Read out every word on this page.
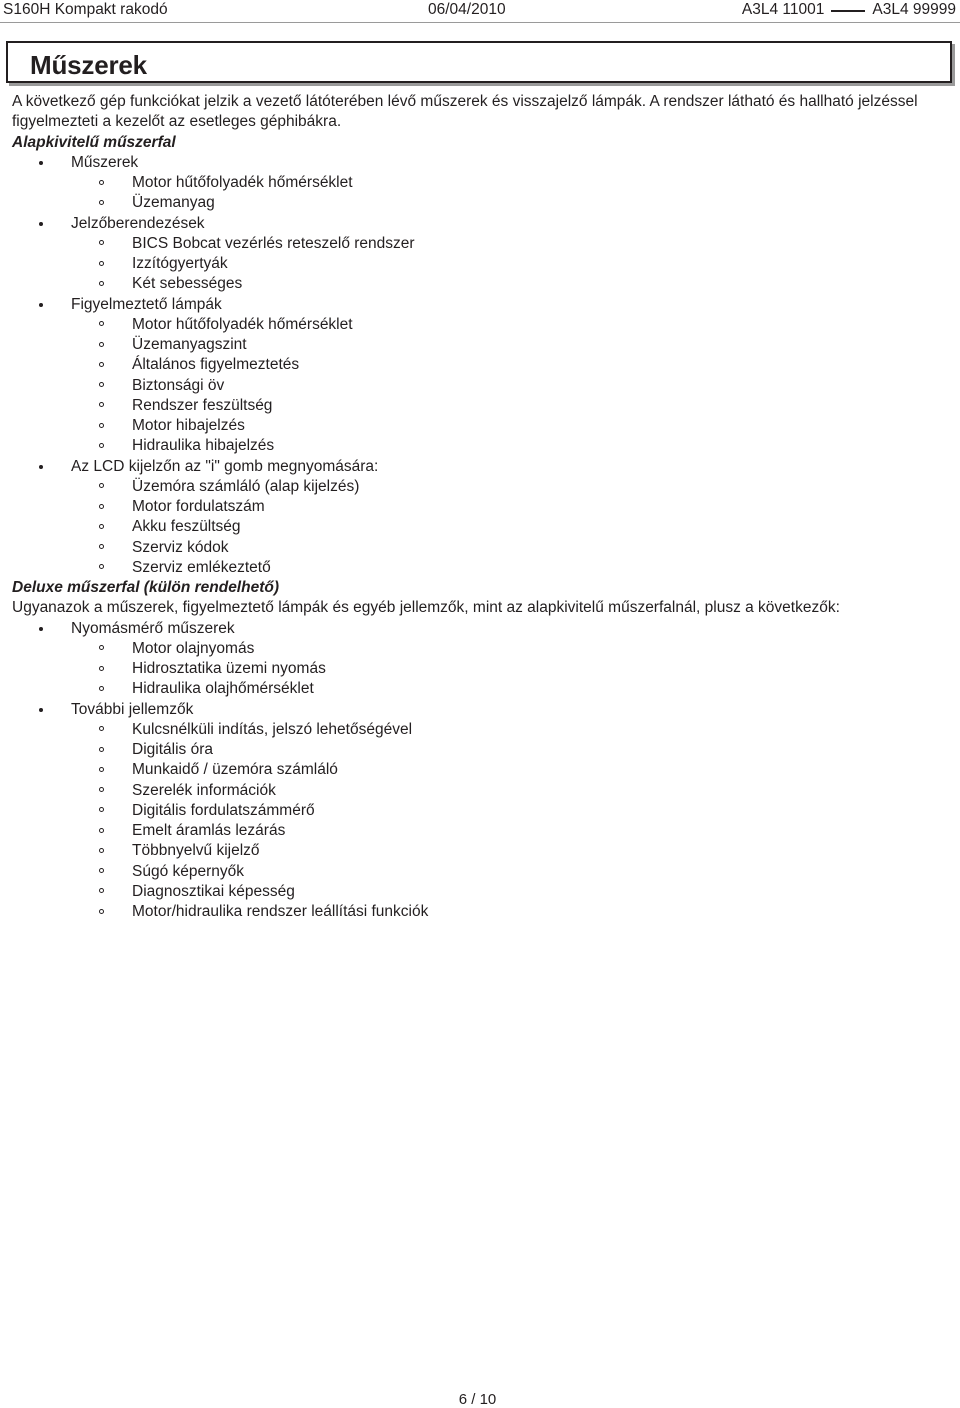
S160H Kompakt rakodó	06/04/2010	A3L4 11001	A3L4 99999
Műszerek

A következő gép funkciókat jelzik a vezető látóterében lévő műszerek és visszajelző lámpák. A rendszer látható és hallható jelzéssel figyelmezteti a kezelőt az esetleges géphibákra.

Alapkivitelű műszerfal

Műszerek
Motor hűtőfolyadék hőmérséklet
Üzemanyag
Jelzőberendezések
BICS Bobcat vezérlés reteszelő rendszer
Izzítógyertyák
Két sebességes
Figyelmeztető lámpák
Motor hűtőfolyadék hőmérséklet
Üzemanyagszint
Általános figyelmeztetés
Biztonsági öv
Rendszer feszültség
Motor hibajelzés
Hidraulika hibajelzés
Az LCD kijelzőn az "i" gomb megnyomására:
Üzemóra számláló (alap kijelzés)
Motor fordulatszám
Akku feszültség
Szerviz kódok
Szerviz emlékeztető

Deluxe műszerfal (külön rendelhető)

Ugyanazok a műszerek, figyelmeztető lámpák és egyéb jellemzők, mint az alapkivitelű műszerfalnál, plusz a következők:

Nyomásmérő műszerek
Motor olajnyomás
Hidrosztatika üzemi nyomás
Hidraulika olajhőmérséklet
További jellemzők
Kulcsnélküli indítás, jelszó lehetőségével
Digitális óra
Munkaidő / üzemóra számláló
Szerelék információk
Digitális fordulatszámmérő
Emelt áramlás lezárás
Többnyelvű kijelző
Súgó képernyők
Diagnosztikai képesség
Motor/hidraulika rendszer leállítási funkciók
6 / 10
